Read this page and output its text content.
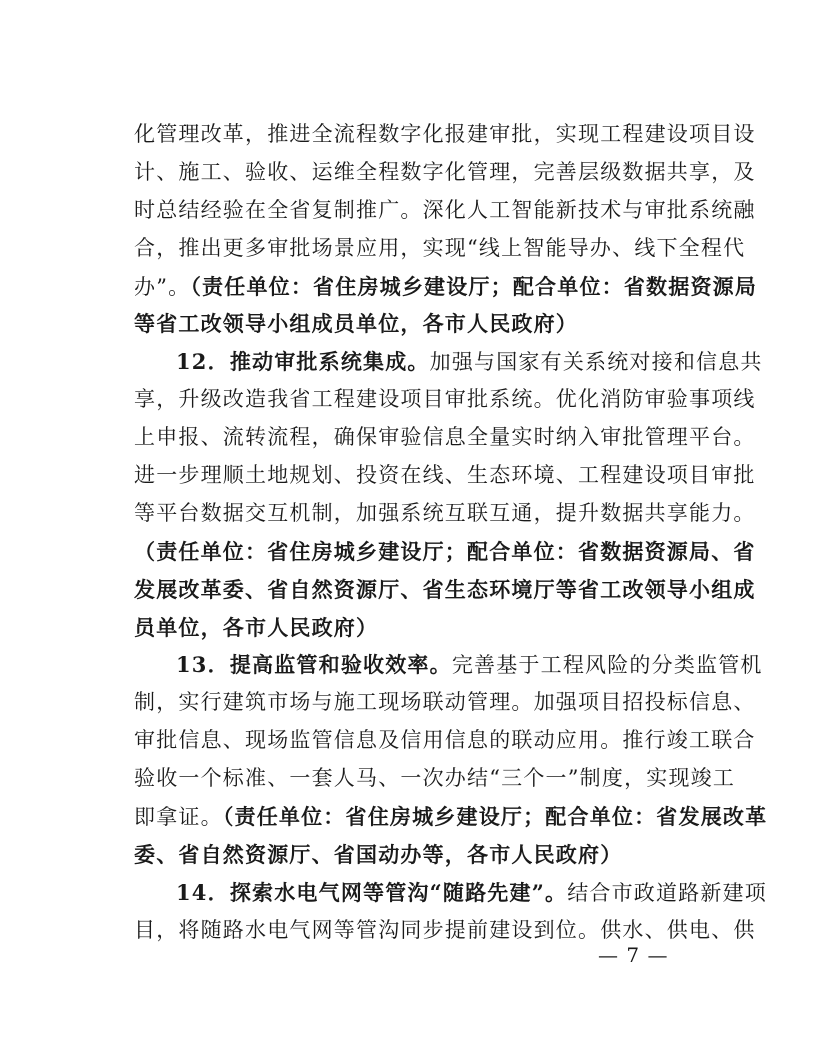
化管理改革，推进全流程数字化报建审批，实现工程建设项目设
计、施工、验收、运维全程数字化管理，完善层级数据共享，及
时总结经验在全省复制推广。深化人工智能新技术与审批系统融
合，推出更多审批场景应用，实现“线上智能导办、线下全程代
办”。（责任单位：省住房城乡建设厅；配合单位：省数据资源局
等省工改领导小组成员单位，各市人民政府）
12．推动审批系统集成。加强与国家有关系统对接和信息共
享，升级改造我省工程建设项目审批系统。优化消防审验事项线
上申报、流转流程，确保审验信息全量实时纳入审批管理平台。
进一步理顺土地规划、投资在线、生态环境、工程建设项目审批
等平台数据交互机制，加强系统互联互通，提升数据共享能力。
（责任单位：省住房城乡建设厅；配合单位：省数据资源局、省
发展改革委、省自然资源厅、省生态环境厅等省工改领导小组成
员单位，各市人民政府）
13．提高监管和验收效率。完善基于工程风险的分类监管机
制，实行建筑市场与施工现场联动管理。加强项目招投标信息、
审批信息、现场监管信息及信用信息的联动应用。推行竣工联合
验收一个标准、一套人马、一次办结“三个一”制度，实现竣工
即拿证。（责任单位：省住房城乡建设厅；配合单位：省发展改革
委、省自然资源厅、省国动办等，各市人民政府）
14．探索水电气网等管沟“随路先建”。结合市政道路新建项
目，将随路水电气网等管沟同步提前建设到位。供水、供电、供
— 7 —
